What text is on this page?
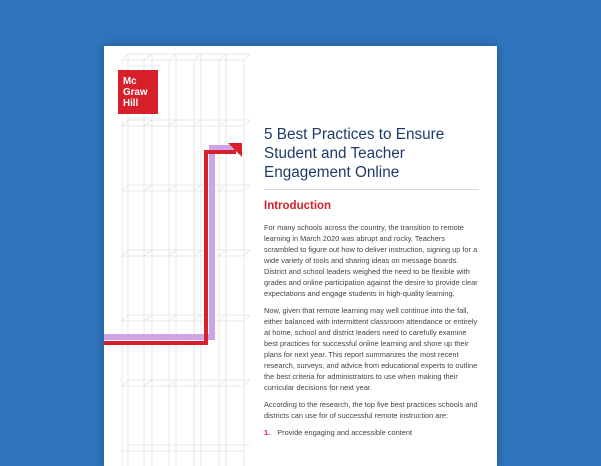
Mc
Graw
Hill
5 Best Practices to Ensure
Student and Teacher
Engagement Online
Introduction

For many schools across the country, the transition to remote learning in March 2020 was abrupt and rocky. Teachers scrambled to figure out how to deliver instruction, signing up for a wide variety of tools and sharing ideas on message boards. District and school leaders weighed the need to be flexible with grades and online participation against the desire to provide clear expectations and engage students in high-quality learning.

Now, given that remote learning may well continue into the fall, either balanced with intermittent classroom attendance or entirely at home, school and district leaders need to carefully examine best practices for successful online learning and shore up their plans for next year. This report summarizes the most recent research, surveys, and advice from educational experts to outline the best criteria for administrators to use when making their curricular decisions for next year.

According to the research, the top five best practices schools and districts can use for of successful remote instruction are:

1. Provide engaging and accessible content
